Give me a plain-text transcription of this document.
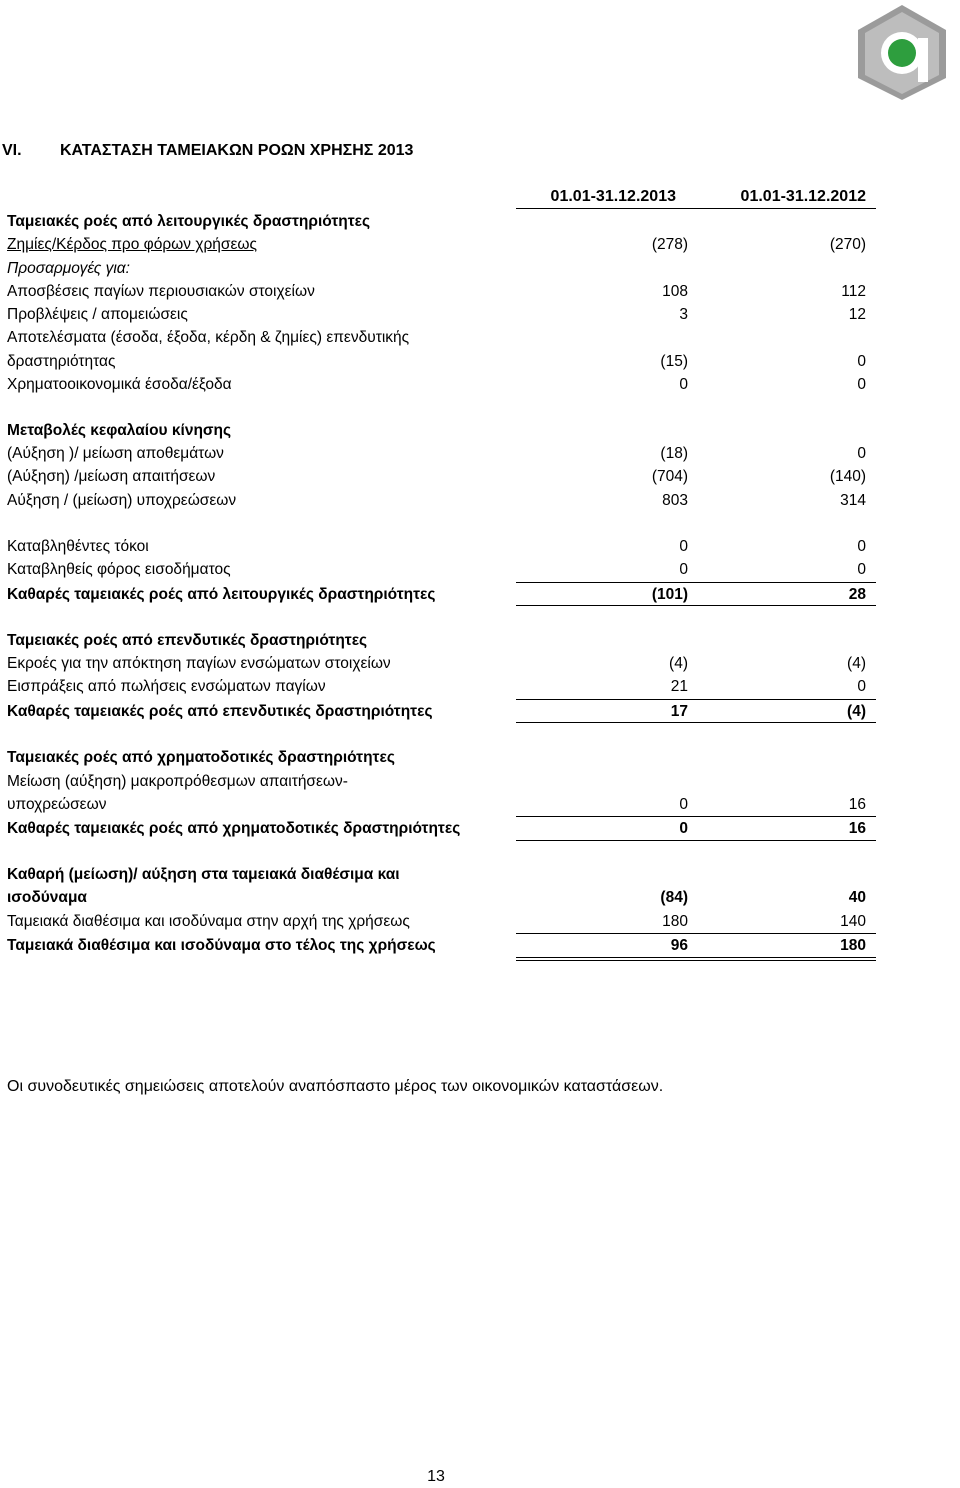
VI. ΚΑΤΑΣΤΑΣΗ ΤΑΜΕΙΑΚΩΝ ΡΟΩΝ ΧΡΗΣΗΣ 2013
01.01-31.12.2013	01.01-31.12.2012
Ταμειακές ροές από λειτουργικές δραστηριότητες
Ζημίες/Κέρδος προ φόρων χρήσεως	(278)	(270)
Προσαρμογές για:
Αποσβέσεις παγίων περιουσιακών στοιχείων	108	112
Προβλέψεις / απομειώσεις	3	12
Αποτελέσματα (έσοδα, έξοδα, κέρδη & ζημίες) επενδυτικής
δραστηριότητας	(15)	0
Χρηματοοικονομικά έσοδα/έξοδα	0	0
Μεταβολές κεφαλαίου κίνησης
(Αύξηση )/ μείωση αποθεμάτων	(18)	0
(Αύξηση) /μείωση απαιτήσεων	(704)	(140)
Αύξηση / (μείωση) υποχρεώσεων	803	314
Καταβληθέντες τόκοι	0	0
Καταβληθείς φόρος εισοδήματος	0	0
Καθαρές ταμειακές ροές από λειτουργικές δραστηριότητες	(101)	28
Ταμειακές ροές από επενδυτικές δραστηριότητες
Εκροές για την απόκτηση παγίων ενσώματων στοιχείων	(4)	(4)
Εισπράξεις από πωλήσεις ενσώματων παγίων	21	0
Καθαρές ταμειακές ροές από επενδυτικές δραστηριότητες	17	(4)
Ταμειακές ροές από χρηματοδοτικές δραστηριότητες
Μείωση (αύξηση) μακροπρόθεσμων απαιτήσεων-
υποχρεώσεων	0	16
Καθαρές ταμειακές ροές από χρηματοδοτικές δραστηριότητες	0	16
Καθαρή (μείωση)/ αύξηση στα ταμειακά διαθέσιμα και
ισοδύναμα	(84)	40
Ταμειακά διαθέσιμα και ισοδύναμα στην αρχή της χρήσεως	180	140
Ταμειακά διαθέσιμα και ισοδύναμα στο τέλος της χρήσεως	96	180
Οι συνοδευτικές σημειώσεις αποτελούν αναπόσπαστο μέρος των οικονομικών καταστάσεων.
13
